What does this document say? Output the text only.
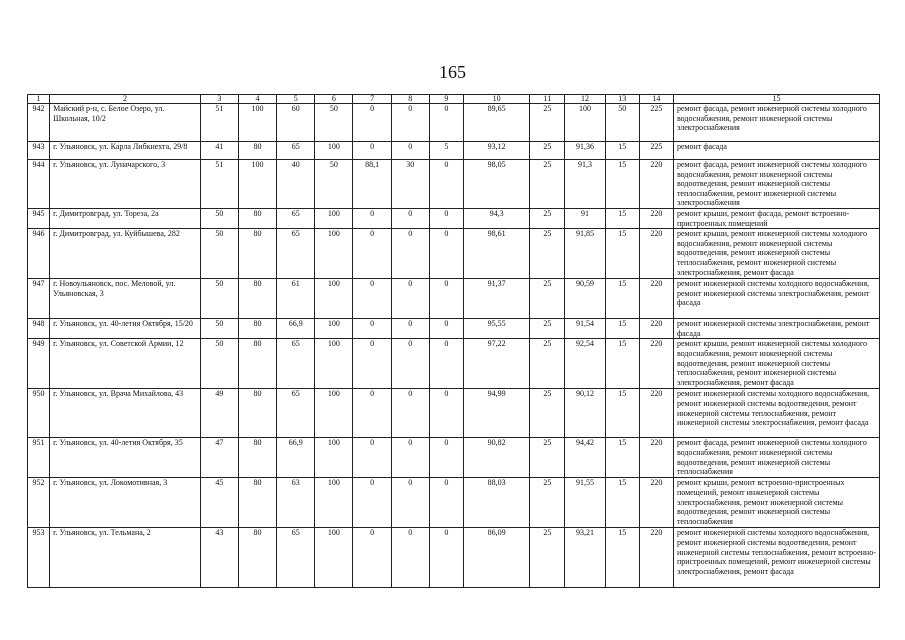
165
1	2	3	4	5	6	7	8	9	10	11	12	13	14	15
942	Майский р-н, с. Белое Озеро, ул. Школьная, 10/2	51	100	60	50	0	0	0	89,65	25	100	50	225	ремонт фасада, ремонт инженерной системы холодного водоснабжения, ремонт инженерной системы электроснабжения
943	г. Ульяновск, ул. Карла Либкнехта, 29/8	41	80	65	100	0	0	5	93,12	25	91,36	15	225	ремонт фасада
944	г. Ульяновск, ул. Луначарского, 3	51	100	40	50	88,1	30	0	98,05	25	91,3	15	220	ремонт фасада, ремонт инженерной системы холодного водоснабжения, ремонт инженерной системы водоотведения, ремонт инженерной системы теплоснабжения, ремонт инженерной системы электроснабжения
945	г. Димитровград, ул. Тореза, 2а	50	80	65	100	0	0	0	94,3	25	91	15	220	ремонт крыши, ремонт фасада, ремонт встроенно-пристроенных помещений
946	г. Димитровград, ул. Куйбышева, 282	50	80	65	100	0	0	0	98,61	25	91,85	15	220	ремонт крыши, ремонт инженерной системы холодного водоснабжения, ремонт инженерной системы водоотведения, ремонт инженерной системы теплоснабжения, ремонт инженерной системы электроснабжения, ремонт фасада
947	г. Новоульяновск, пос. Меловой, ул. Ульяновская, 3	50	80	61	100	0	0	0	91,37	25	90,59	15	220	ремонт инженерной системы холодного водоснабжения, ремонт инженерной системы электроснабжения, ремонт фасада
948	г. Ульяновск, ул. 40-летия Октября, 15/20	50	80	66,9	100	0	0	0	95,55	25	91,54	15	220	ремонт инженерной системы электроснабжения, ремонт фасада
949	г. Ульяновск, ул. Советской Армии, 12	50	80	65	100	0	0	0	97,22	25	92,54	15	220	ремонт крыши, ремонт инженерной системы холодного водоснабжения, ремонт инженерной системы водоотведения, ремонт инженерной системы теплоснабжения, ремонт инженерной системы электроснабжения, ремонт фасада
950	г. Ульяновск, ул. Врача Михайлова, 43	49	80	65	100	0	0	0	94,99	25	90,12	15	220	ремонт инженерной системы холодного водоснабжения, ремонт инженерной системы водоотведения, ремонт инженерной системы теплоснабжения, ремонт инженерной системы электроснабжения, ремонт фасада
951	г. Ульяновск, ул. 40-летия Октября, 35	47	80	66,9	100	0	0	0	90,82	25	94,42	15	220	ремонт фасада, ремонт инженерной системы холодного водоснабжения, ремонт инженерной системы водоотведения, ремонт инженерной системы теплоснабжения
952	г. Ульяновск, ул. Локомотивная, 3	45	80	63	100	0	0	0	88,03	25	91,55	15	220	ремонт крыши, ремонт встроенно-пристроенных помещений, ремонт инженерной системы электроснабжения, ремонт инженерной системы водоотведения, ремонт инженерной системы теплоснабжения
953	г. Ульяновск, ул. Тельмана, 2	43	80	65	100	0	0	0	86,09	25	93,21	15	220	ремонт инженерной системы холодного водоснабжения, ремонт инженерной системы водоотведения, ремонт инженерной системы теплоснабжения, ремонт встроенно-пристроенных помещений, ремонт инженерной системы электроснабжения, ремонт фасада
